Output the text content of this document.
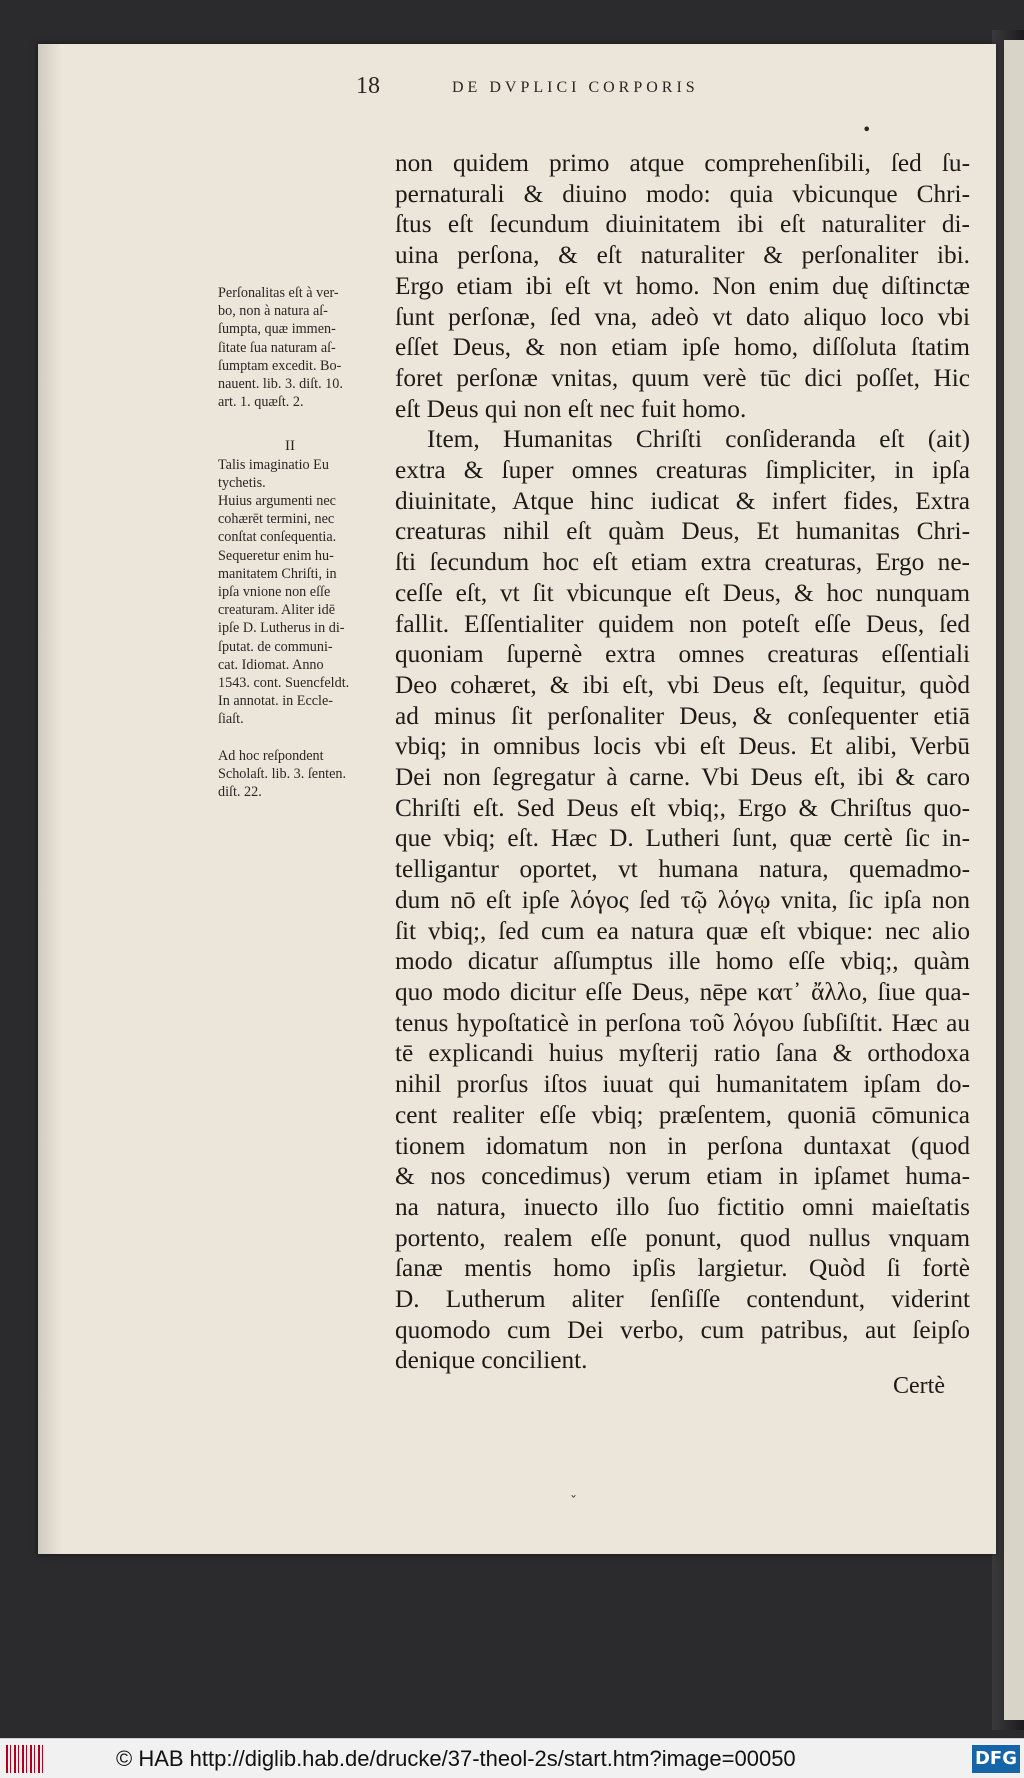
18	DE DVPLICI CORPORIS
•
Perſonalitas eſt à ver-
bo, non à natura aſ-
ſumpta, quæ immen-
ſitate ſua naturam aſ-
ſumptam excedit. Bo-
nauent. lib. 3. diſt. 10.
art. 1. quæſt. 2.
II
Talis imaginatio Eu
tychetis.
Huius argumenti nec
cohærēt termini, nec
conſtat conſequentia.
Sequeretur enim hu-
manitatem Chriſti, in
ipſa vnione non eſſe
creaturam. Aliter idē
ipſe D. Lutherus in di-
ſputat. de communi-
cat. Idiomat. Anno
1543. cont. Suencfeldt.
In annotat. in Eccle-
ſiaſt.
Ad hoc reſpondent
Scholaſt. lib. 3. ſenten.
diſt. 22.
non quidem primo atque comprehenſibili, ſed ſu-
pernaturali & diuino modo: quia vbicunque Chri-
ſtus eſt ſecundum diuinitatem ibi eſt naturaliter di-
uina perſona, & eſt naturaliter & perſonaliter ibi.
Ergo etiam ibi eſt vt homo. Non enim duę diſtinctæ
ſunt perſonæ, ſed vna, adeò vt dato aliquo loco vbi
eſſet Deus, & non etiam ipſe homo, diſſoluta ſtatim
foret perſonæ vnitas, quum verè tūc dici poſſet, Hic
eſt Deus qui non eſt nec fuit homo.
Item, Humanitas Chriſti conſideranda eſt (ait)
extra & ſuper omnes creaturas ſimpliciter, in ipſa
diuinitate, Atque hinc iudicat & infert fides, Extra
creaturas nihil eſt quàm Deus, Et humanitas Chri-
ſti ſecundum hoc eſt etiam extra creaturas, Ergo ne-
ceſſe eſt, vt ſit vbicunque eſt Deus, & hoc nunquam
fallit. Eſſentialiter quidem non poteſt eſſe Deus, ſed
quoniam ſupernè extra omnes creaturas eſſentiali
Deo cohæret, & ibi eſt, vbi Deus eſt, ſequitur, quòd
ad minus ſit perſonaliter Deus, & conſequenter etiā
vbiq; in omnibus locis vbi eſt Deus. Et alibi, Verbū
Dei non ſegregatur à carne. Vbi Deus eſt, ibi & caro
Chriſti eſt. Sed Deus eſt vbiq;, Ergo & Chriſtus quo-
que vbiq; eſt. Hæc D. Lutheri ſunt, quæ certè ſic in-
telligantur oportet, vt humana natura, quemadmo-
dum nō eſt ipſe λόγος ſed τῷ λόγῳ vnita, ſic ipſa non
ſit vbiq;, ſed cum ea natura quæ eſt vbique: nec alio
modo dicatur aſſumptus ille homo eſſe vbiq;, quàm
quo modo dicitur eſſe Deus, nēpe κατ᾽ ἄλλο, ſiue qua-
tenus hypoſtaticè in perſona τοῦ λόγου ſubſiſtit. Hæc au
tē explicandi huius myſterij ratio ſana & orthodoxa
nihil prorſus iſtos iuuat qui humanitatem ipſam do-
cent realiter eſſe vbiq; præſentem, quoniā cōmunica
tionem idomatum non in perſona duntaxat (quod
& nos concedimus) verum etiam in ipſamet huma-
na natura, inuecto illo ſuo fictitio omni maieſtatis
portento, realem eſſe ponunt, quod nullus vnquam
ſanæ mentis homo ipſis largietur. Quòd ſi fortè
D. Lutherum aliter ſenſiſſe contendunt, viderint
quomodo cum Dei verbo, cum patribus, aut ſeipſo
denique concilient.
Certè
ˇ
© HAB http://diglib.hab.de/drucke/37-theol-2s/start.htm?image=00050	DFG
